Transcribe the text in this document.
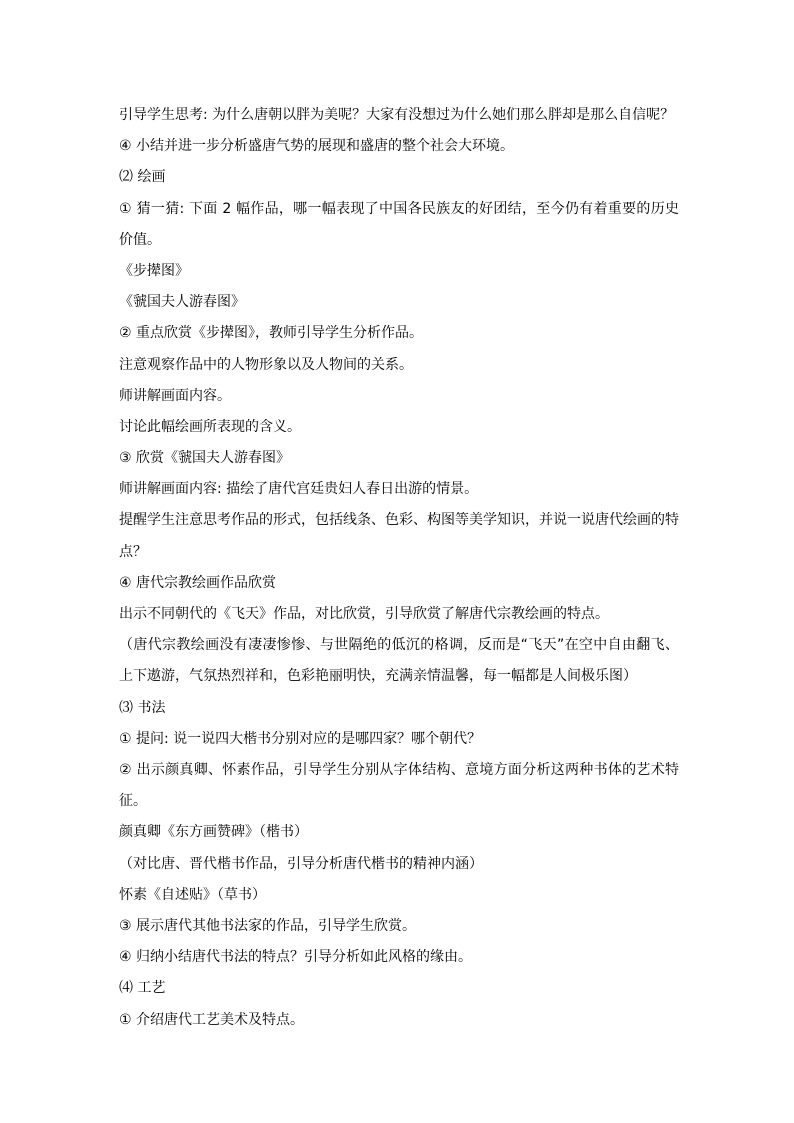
引导学生思考: 为什么唐朝以胖为美呢？大家有没想过为什么她们那么胖却是那么自信呢？

④ 小结并进一步分析盛唐气势的展现和盛唐的整个社会大环境。

⑵ 绘画

① 猜一猜: 下面 2 幅作品，哪一幅表现了中国各民族友的好团结，至今仍有着重要的历史价值。

《步撵图》

《虢国夫人游春图》

② 重点欣赏《步撵图》，教师引导学生分析作品。

注意观察作品中的人物形象以及人物间的关系。

师讲解画面内容。

讨论此幅绘画所表现的含义。

③ 欣赏《虢国夫人游春图》

师讲解画面内容: 描绘了唐代宫廷贵妇人春日出游的情景。

提醒学生注意思考作品的形式，包括线条、色彩、构图等美学知识，并说一说唐代绘画的特点？

④ 唐代宗教绘画作品欣赏

出示不同朝代的《飞天》作品，对比欣赏，引导欣赏了解唐代宗教绘画的特点。

（唐代宗教绘画没有凄凄惨惨、与世隔绝的低沉的格调，反而是“飞天”在空中自由翻飞、上下遨游，气氛热烈祥和，色彩艳丽明快，充满亲情温馨，每一幅都是人间极乐图）

⑶ 书法

① 提问: 说一说四大楷书分别对应的是哪四家？哪个朝代？

② 出示颜真卿、怀素作品，引导学生分别从字体结构、意境方面分析这两种书体的艺术特征。

颜真卿《东方画赞碑》（楷书）

（对比唐、晋代楷书作品，引导分析唐代楷书的精神内涵）

怀素《自述贴》（草书）

③ 展示唐代其他书法家的作品，引导学生欣赏。

④ 归纳小结唐代书法的特点？引导分析如此风格的缘由。

⑷ 工艺

① 介绍唐代工艺美术及特点。
